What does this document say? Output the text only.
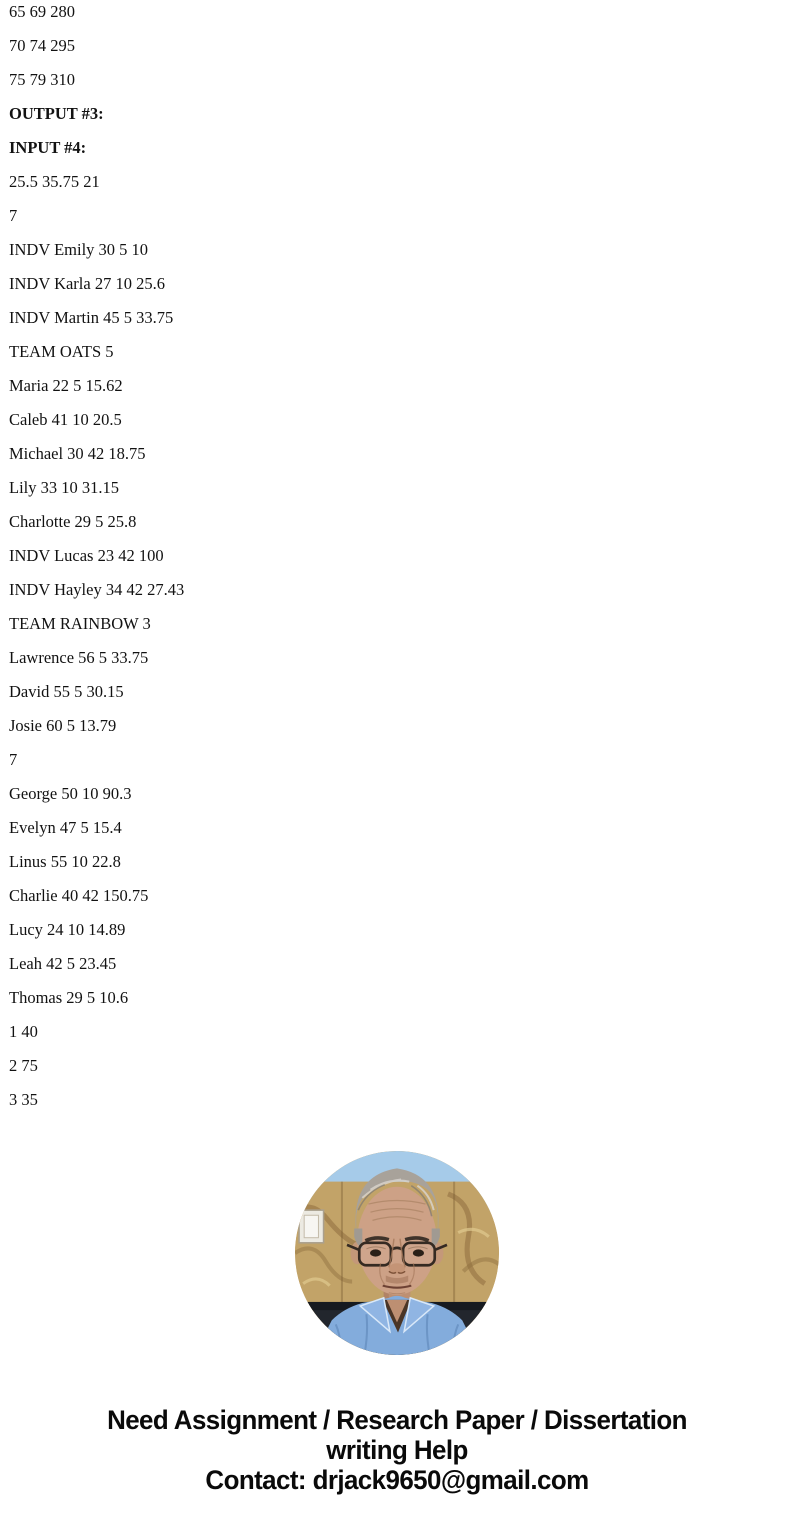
65 69 280

70 74 295

75 79 310

OUTPUT #3:

INPUT #4:

25.5 35.75 21

7

INDV Emily 30 5 10

INDV Karla 27 10 25.6

INDV Martin 45 5 33.75

TEAM OATS 5

Maria 22 5 15.62

Caleb 41 10 20.5

Michael 30 42 18.75

Lily 33 10 31.15

Charlotte 29 5 25.8

INDV Lucas 23 42 100

INDV Hayley 34 42 27.43

TEAM RAINBOW 3

Lawrence 56 5 33.75

David 55 5 30.15

Josie 60 5 13.79

7

George 50 10 90.3

Evelyn 47 5 15.4

Linus 55 10 22.8

Charlie 40 42 150.75

Lucy 24 10 14.89

Leah 42 5 23.45

Thomas 29 5 10.6

1 40

2 75

3 35

Need Assignment / Research Paper / Dissertation
writing Help
Contact: drjack9650@gmail.com
